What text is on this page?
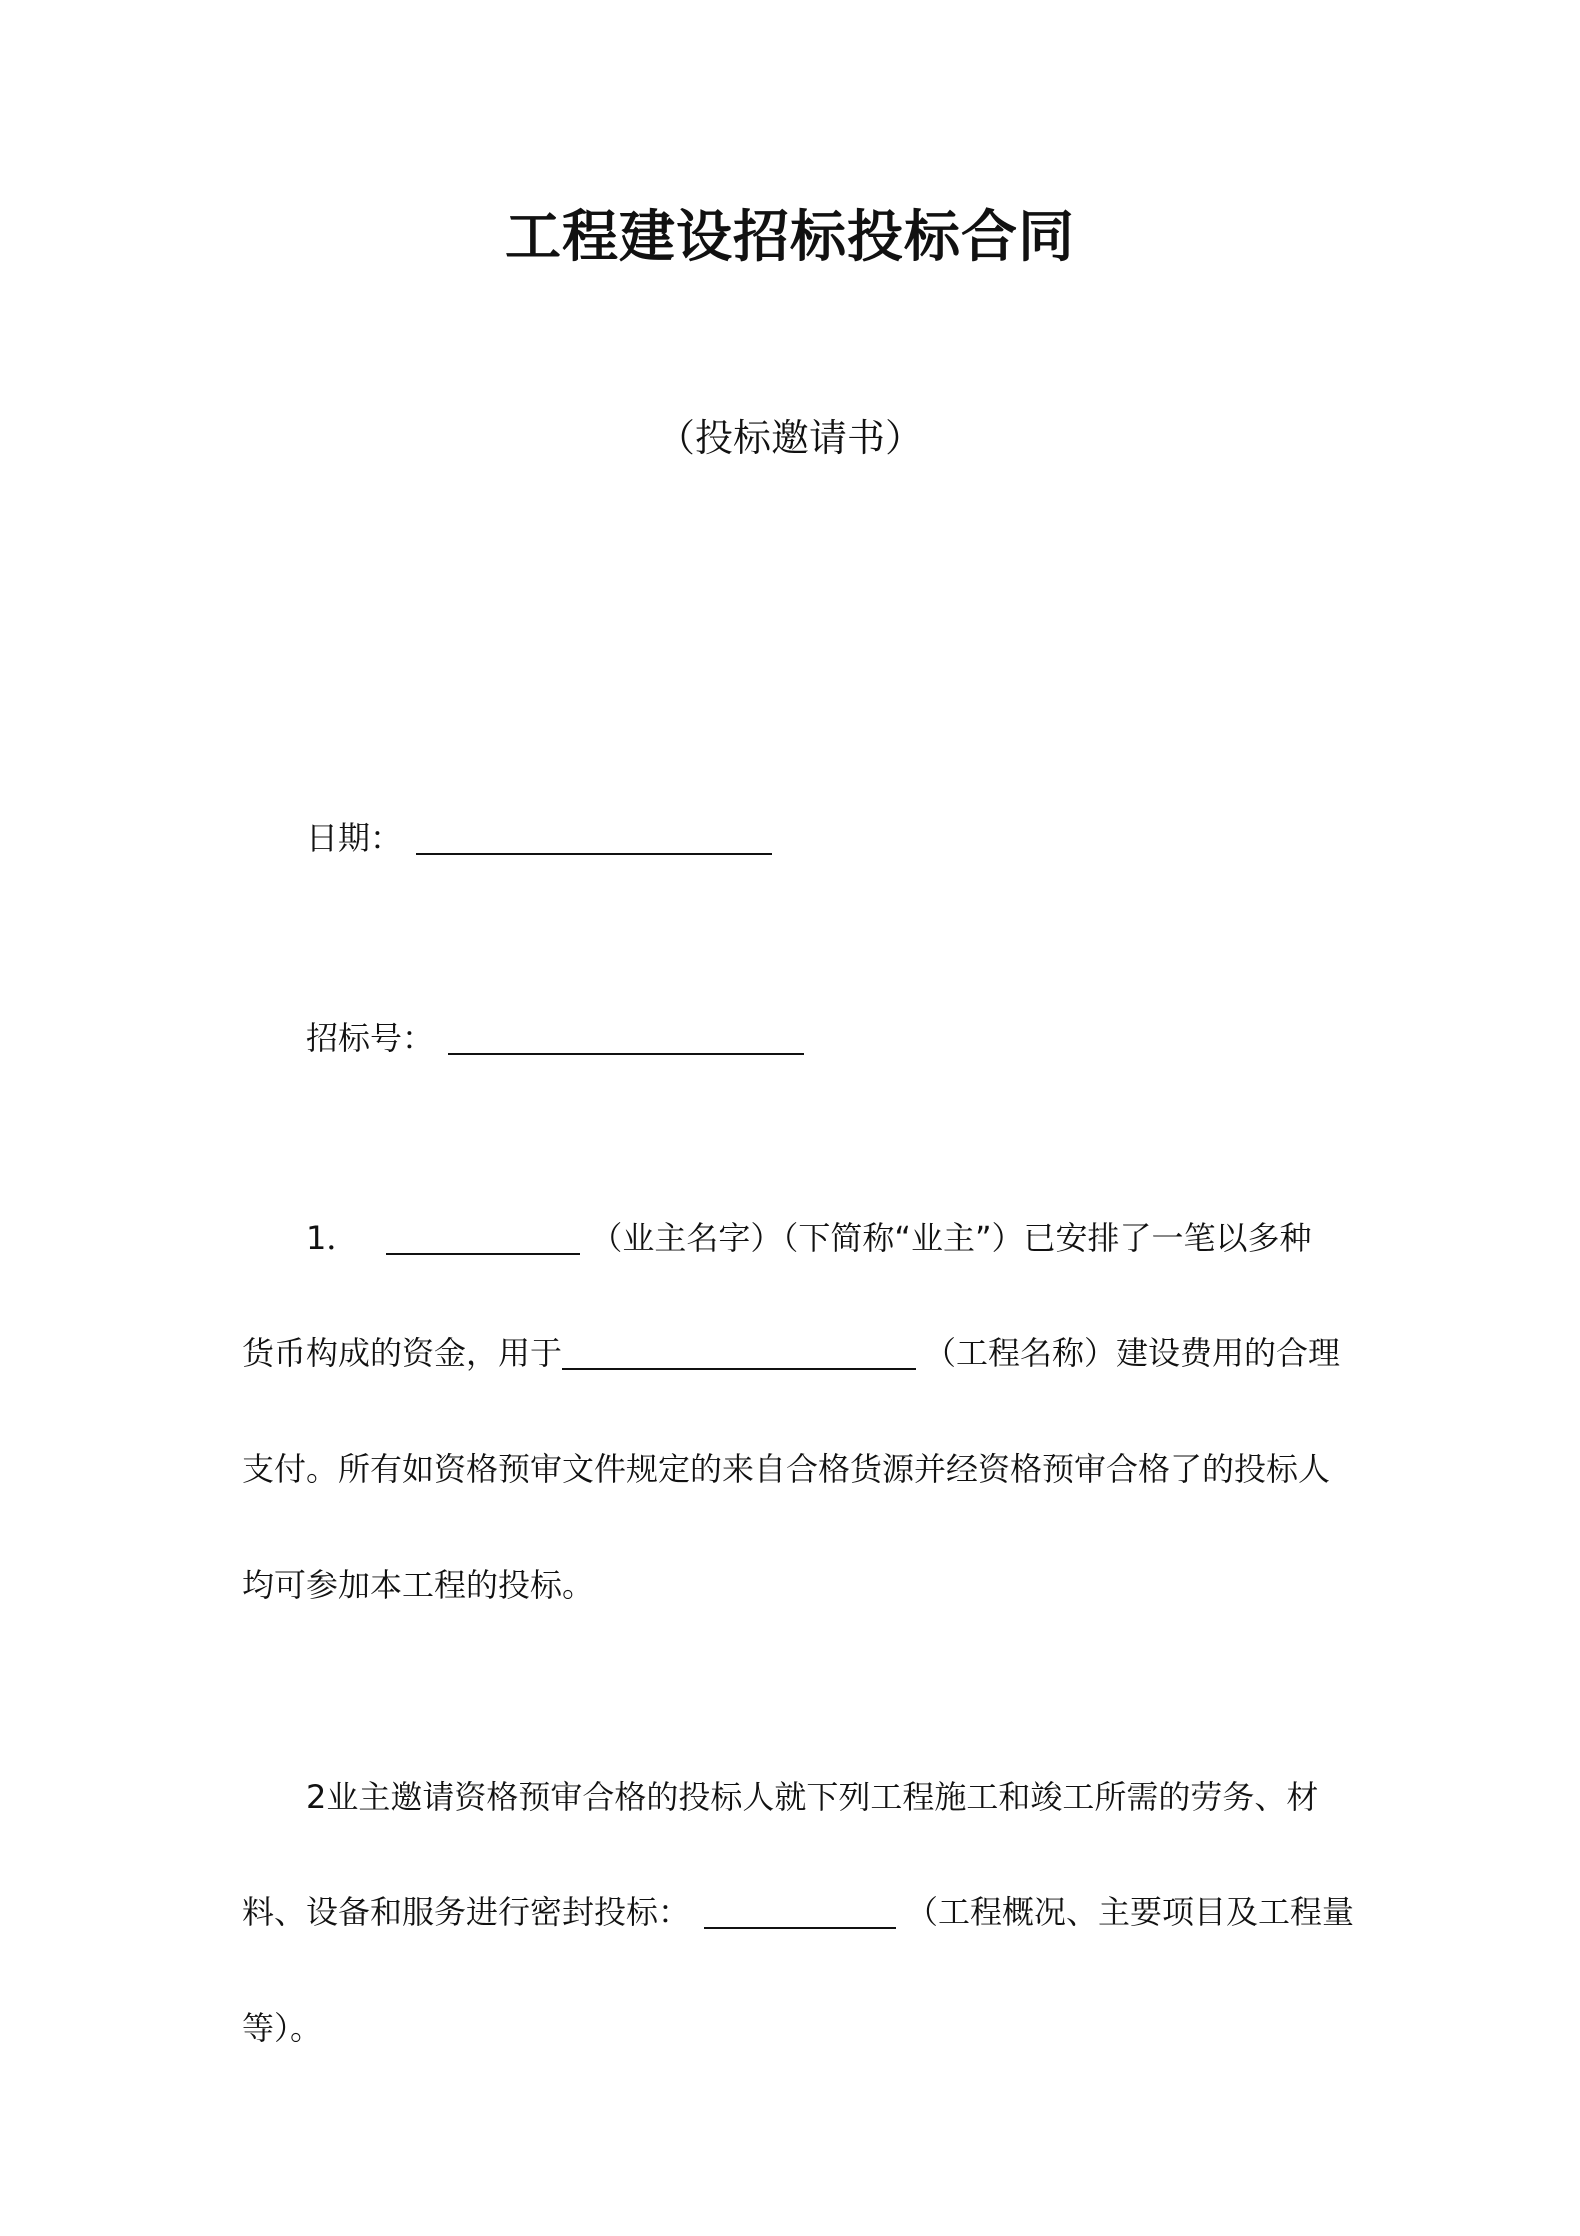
工程建设招标投标合同
（投标邀请书）
日期：
招标号：
1．	（业主名字）（下简称“业主”）已安排了一笔以多种
货币构成的资金，用于	（工程名称）建设费用的合理
支付。所有如资格预审文件规定的来自合格货源并经资格预审合格了的投标人
均可参加本工程的投标。
2业主邀请资格预审合格的投标人就下列工程施工和竣工所需的劳务、材
料、设备和服务进行密封投标：	（工程概况、主要项目及工程量
等）。
